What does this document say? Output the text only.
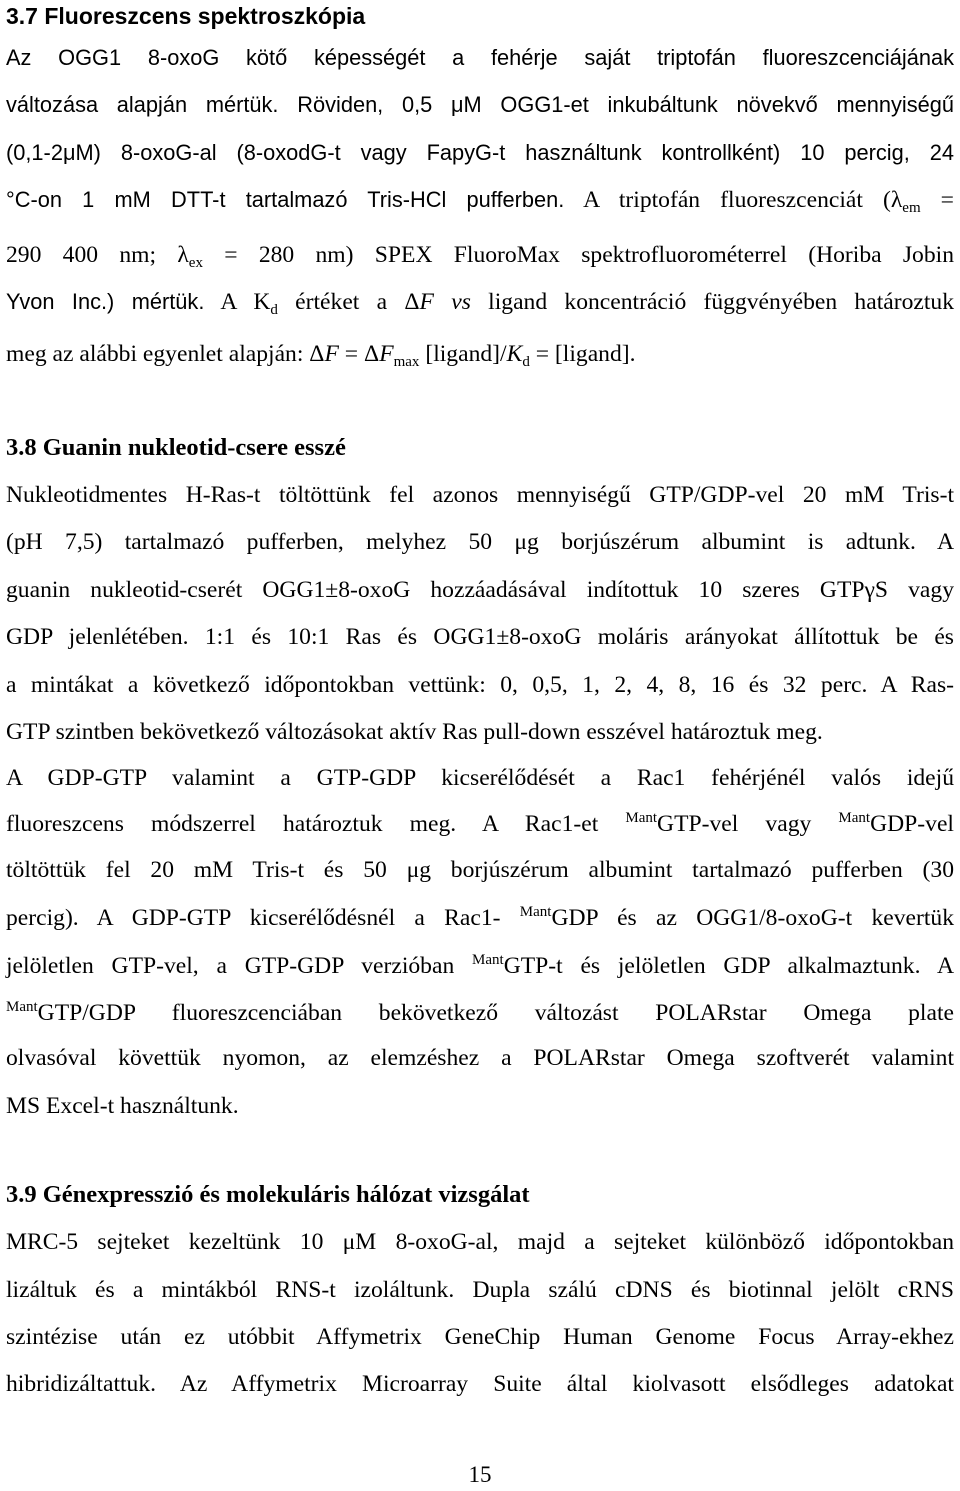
3.7 Fluoreszcens spektroszkópia
Az OGG1 8-oxoG kötő képességét a fehérje saját triptofán fluoreszcenciájának
változása alapján mértük. Röviden, 0,5 μM OGG1-et inkubáltunk növekvő mennyiségű
(0,1-2μM) 8-oxoG-al (8-oxodG-t vagy FapyG-t használtunk kontrollként) 10 percig, 24
°C-on 1 mM DTT-t tartalmazó Tris-HCl pufferben. A triptofán fluoreszcenciát ($\lambda_{em}$ =
290 400 nm; $\lambda_{ex} = 280$ nm) SPEX FluoroMax spektrofluorométerrel (Horiba Jobin
Yvon Inc.) mértük. A $K_d$ értéket a ΔF vs ligand koncentráció függvényében határoztuk
meg az alábbi egyenlet alapján: $\Delta F = \Delta F_{max}$ $[ligand]/K_d$ = [ligand].
3.8 Guanin nukleotid-csere esszé
Nukleotidmentes H-Ras-t töltöttünk fel azonos mennyiségű GTP/GDP-vel 20 mM Tris-t
(pH 7,5) tartalmazó pufferben, melyhez 50 μg borjúszérum albumint is adtunk. A
guanin nukleotid-cserét OGG1±8-oxoG hozzáadásával indítottuk 10 szeres GTPγS vagy
GDP jelenlétében. 1:1 és 10:1 Ras és OGG1±8-oxoG moláris arányokat állítottuk be és
a mintákat a következő időpontokban vettünk: 0, 0,5, 1, 2, 4, 8, 16 és 32 perc. A Ras-
GTP szintben bekövetkező változásokat aktív Ras pull-down esszével határoztuk meg.
A GDP-GTP valamint a GTP-GDP kicserélődését a Rac1 fehérjénél valós idejű
fluoreszcens módszerrel határoztuk meg. A Rac1-et $^{Mant}$GTP-vel vagy $^{Mant}$GDP-vel
töltöttük fel 20 mM Tris-t és 50 μg borjúszérum albumint tartalmazó pufferben (30
percig). A GDP-GTP kicserélődésnél a Rac1- $^{Mant}$GDP és az OGG1/8-oxoG-t kevertük
jelöletlen GTP-vel, a GTP-GDP verzióban $^{Mant}$GTP-t és jelöletlen GDP alkalmaztunk. A
$^{Mant}$GTP/GDP fluoreszcenciában bekövetkező változást POLARstar Omega plate
olvasóval követtük nyomon, az elemzéshez a POLARstar Omega szoftverét valamint
MS Excel-t használtunk.
3.9 Génexpresszió és molekuláris hálózat vizsgálat
MRC-5 sejteket kezeltünk 10 μM 8-oxoG-al, majd a sejteket különböző időpontokban
lizáltuk és a mintákból RNS-t izoláltunk. Dupla szálú cDNS és biotinnal jelölt cRNS
szintézise után ez utóbbit Affymetrix GeneChip Human Genome Focus Array-ekhez
hibridizáltattuk. Az Affymetrix Microarray Suite által kiolvasott elsődleges adatokat
15
